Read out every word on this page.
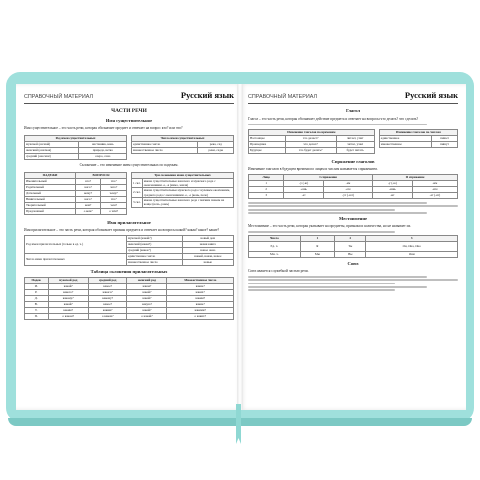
СПРАВОЧНЫЙ МАТЕРИАЛ	Русский язык
ЧАСТИ РЕЧИ
Имя существительное
Имя существительное – это часть речи, которая обозначает предмет и отвечает на вопрос кто? или что?
Род имен существительных	
мужской (он/мой)	наставник, конь
женский (она/моя)	природа, ветка
средний (оно/моё)	озеро, сено
Число имен существительных	
единственное число	река, сад
множественное число	реки, сады
Склонение – это изменение имен существительных по падежам.
ПАДЕЖИ	ВОПРОСЫ	
Именительный	кто?	что?
Родительный	кого?	чего?
Дательный	кому?	чему?
Винительный	кого?	что?
Творительный	кем?	чем?
Предложный	о ком?	о чём?
Три склонения имен существительных	
1 скл.	имена существительные женского и мужского рода с окончаниями -а, -я (мама, земля)
2 скл.	имена существительные мужского рода с нулевым окончанием, среднего рода с окончаниями -о, -е (конь, поле)
3 скл.	имена существительные женского рода с мягким знаком на конце (ночь, рожь)
Имя прилагательное
Имя прилагательное – это часть речи, которая обозначает признак предмета и отвечает на вопросы какой? какая? какое? какие?
Род имен прилагательных (только в ед. ч.)	мужской (какой?)	новый дом
	женский (какая?)	новая книга
	средний (какое?)	новое окно
Число имен прилагательных	единственное число	новый, новая, новое
	множественное число	новые
Таблица склонения прилагательных
Падеж	мужской род	средний род	женский род	Множественное число
И.	какой?	какое?	какая?	какие?
Р.	какого?	какого?	какой?	каких?
Д.	какому?	какому?	какой?	каким?
В.	какой?	какое?	какую?	какие?
Т.	каким?	каким?	какой?	какими?
П.	о каком?	о каком?	о какой?	о каких?
СПРАВОЧНЫЙ МАТЕРИАЛ	Русский язык
Глагол
Глагол – это часть речи, которая обозначает действие предмета и отвечает на вопросы что делать? что сделать?
Изменение глаголов по временам		
Настоящее	что делает?	читает, учит
Прошедшее	что делал?	читал, учил
Будущее	что будет делать?	будет читать
Изменение глаголов по числам	
единственное	пишет
множественное	пишут
Спряжение глаголов
Изменение глаголов в будущем времени по лицам и числам называется спряжением.
Лицо	I спряжение		II спряжение	
1	-у (-ю)	-ем	-у (-ю)	-им
2	-ешь	-ете	-ишь	-ите
3	-ет	-ут (-ют)	-ит	-ат (-ят)
Местоимение
Местоимение – это часть речи, которая указывает на предметы, признаки и количества, но не называет их.
Число	1	2	3
Ед. ч.	Я	Ты	Он, Она, Оно
Мн. ч.	Мы	Вы	Они
Союз
Союз является служебной частью речи.
